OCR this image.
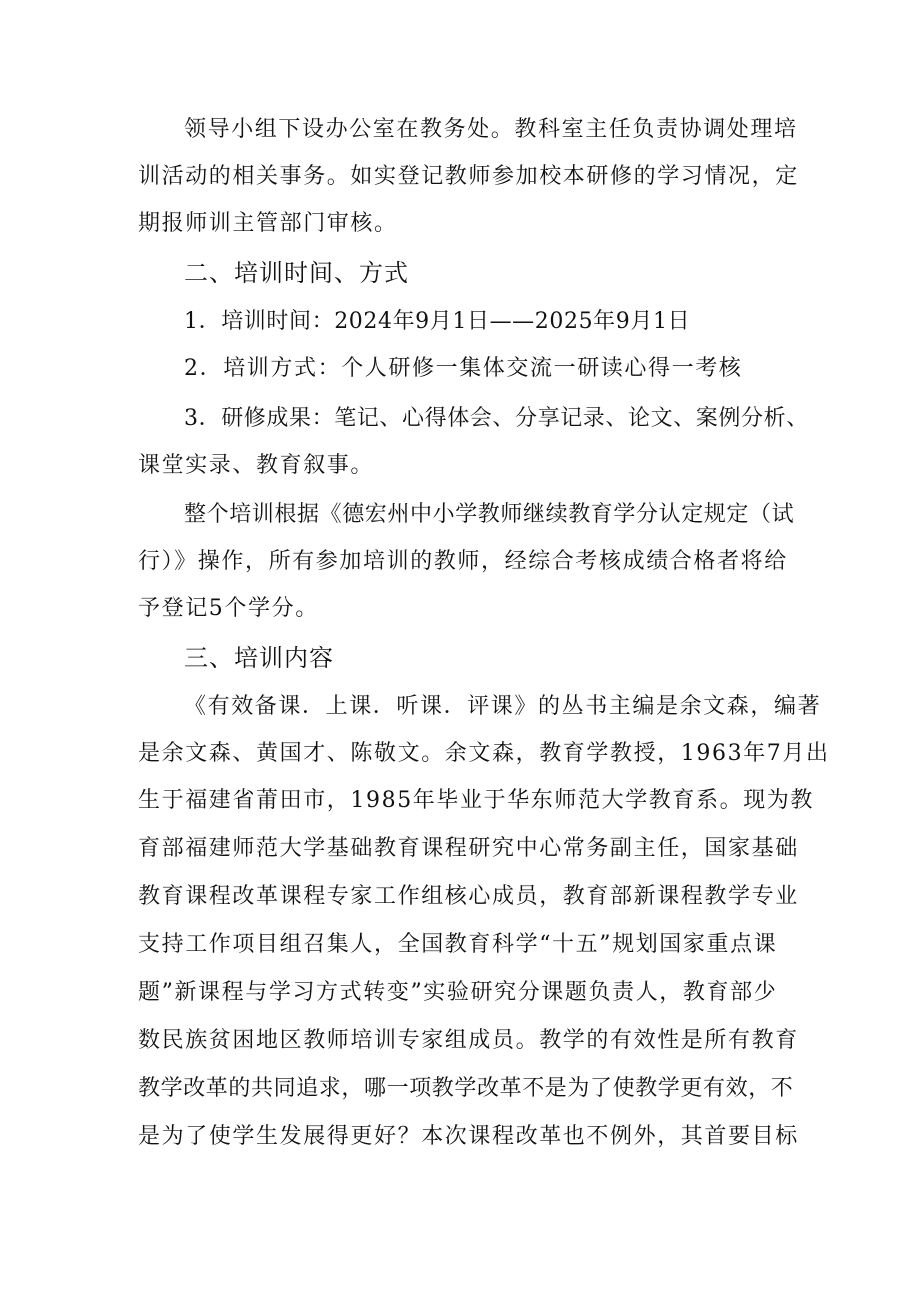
领导小组下设办公室在教务处。教科室主任负责协调处理培
训活动的相关事务。如实登记教师参加校本研修的学习情况，定
期报师训主管部门审核。
二、培训时间、方式
1．培训时间：2024年9月1日——2025年9月1日
2．培训方式：个人研修一集体交流一研读心得一考核
3．研修成果：笔记、心得体会、分享记录、论文、案例分析、
课堂实录、教育叙事。
整个培训根据《德宏州中小学教师继续教育学分认定规定（试
行）》操作，所有参加培训的教师，经综合考核成绩合格者将给
予登记5个学分。
三、培训内容
《有效备课．上课．听课．评课》的丛书主编是余文森，编著
是余文森、黄国才、陈敬文。余文森，教育学教授，1963年7月出
生于福建省莆田市，1985年毕业于华东师范大学教育系。现为教
育部福建师范大学基础教育课程研究中心常务副主任，国家基础
教育课程改革课程专家工作组核心成员，教育部新课程教学专业
支持工作项目组召集人，全国教育科学“十五”规划国家重点课
题”新课程与学习方式转变”实验研究分课题负责人，教育部少
数民族贫困地区教师培训专家组成员。教学的有效性是所有教育
教学改革的共同追求，哪一项教学改革不是为了使教学更有效，不
是为了使学生发展得更好？本次课程改革也不例外，其首要目标
